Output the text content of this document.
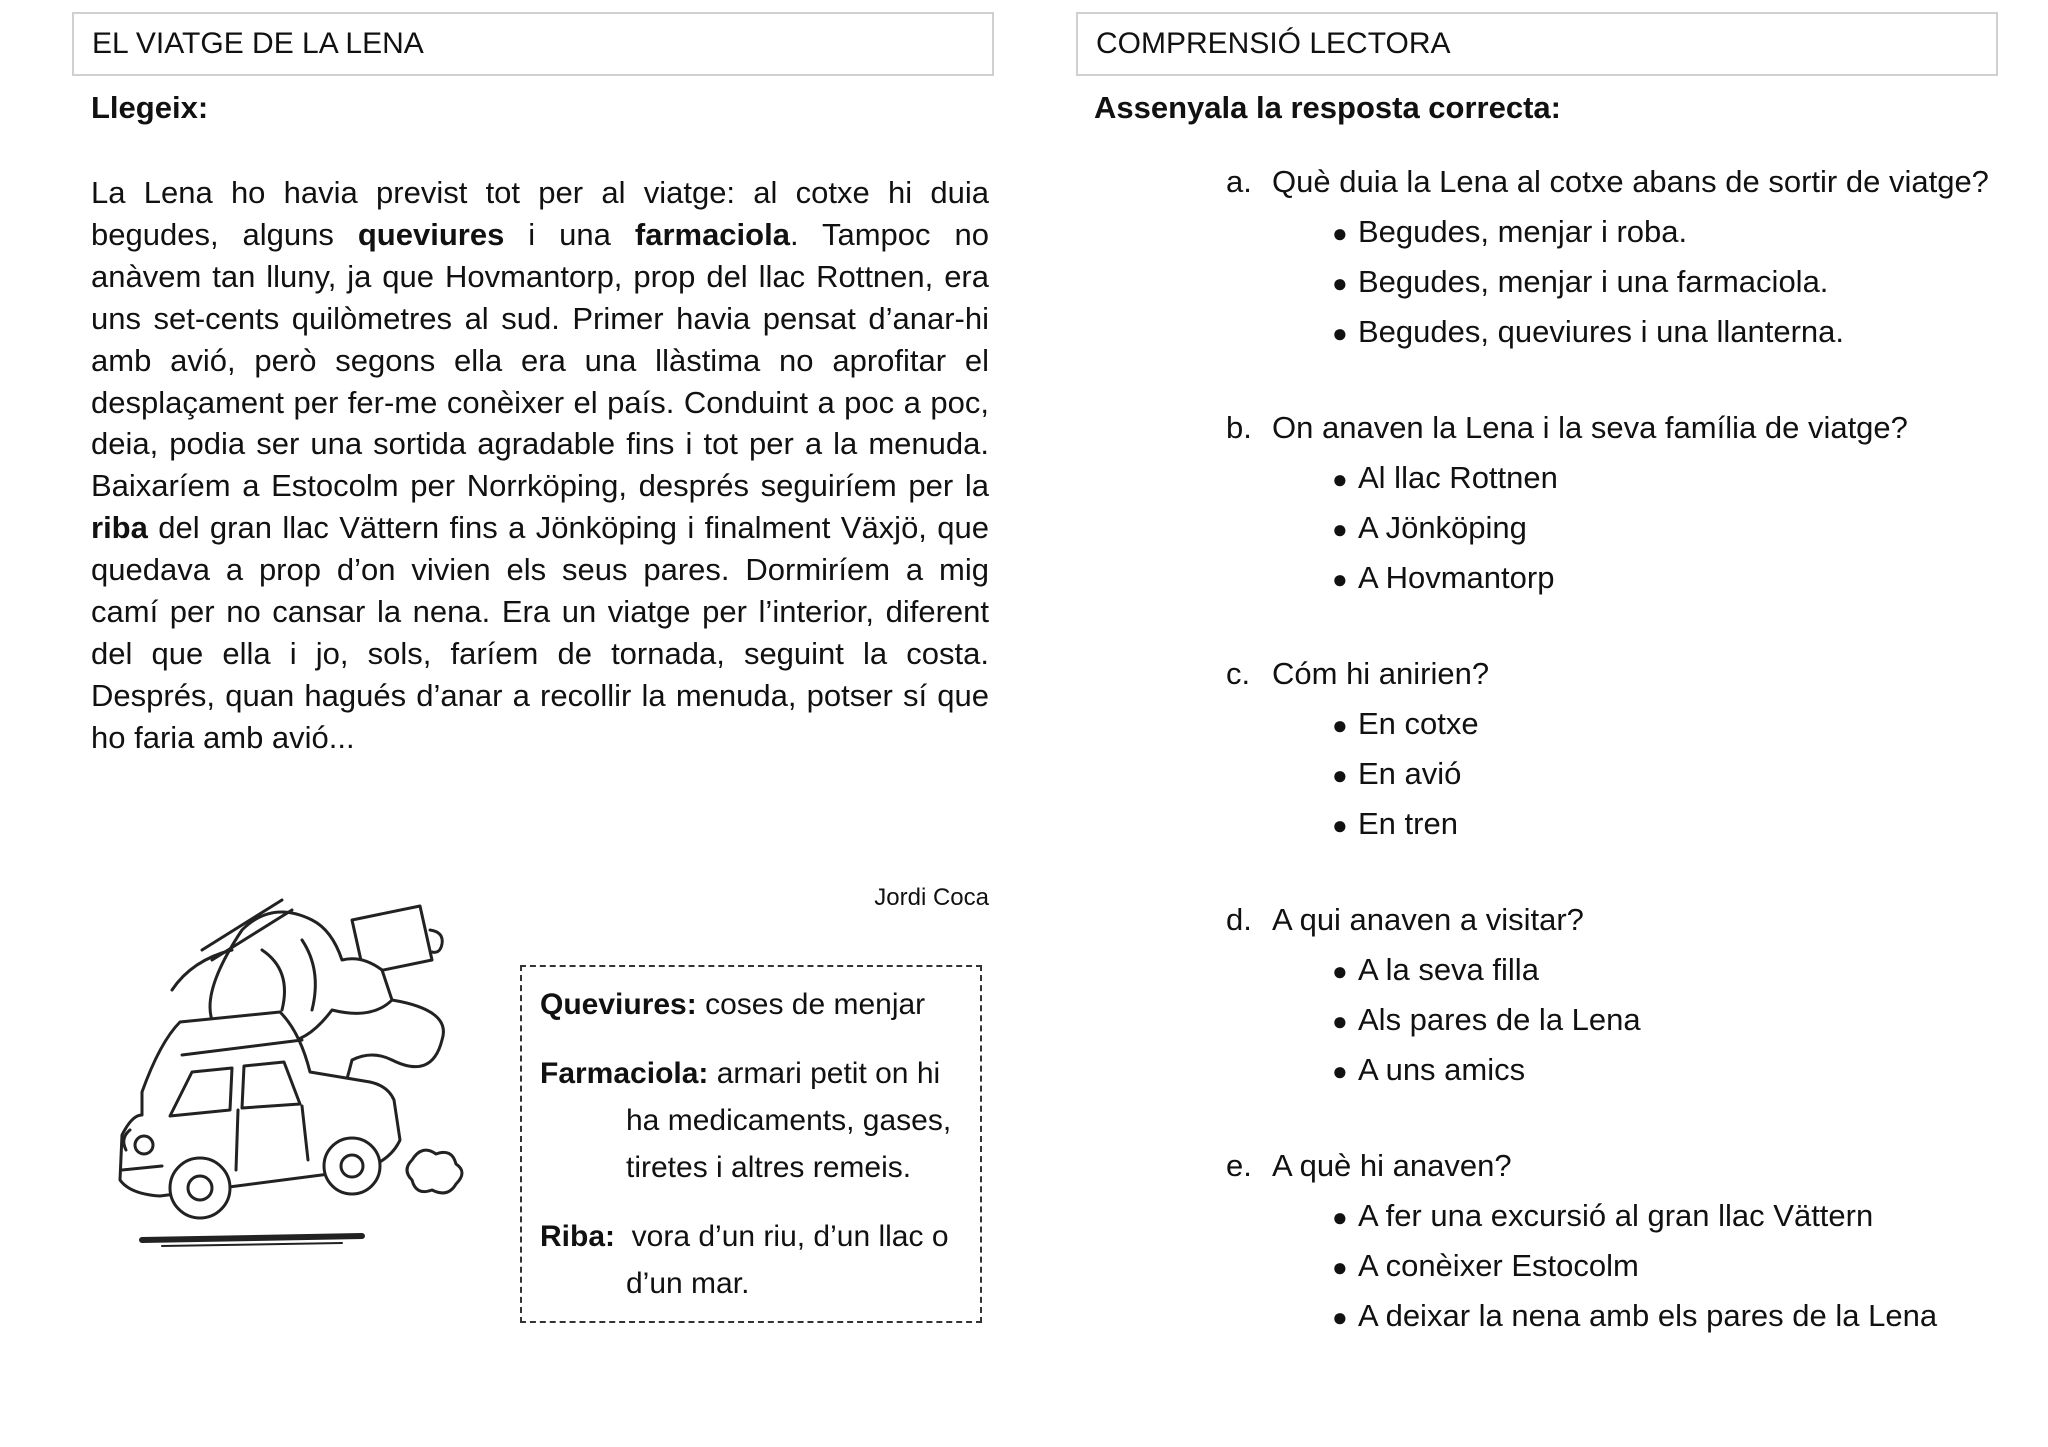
EL VIATGE DE LA LENA
Llegeix:

La Lena ho havia previst tot per al viatge: al cotxe hi duia begudes, alguns queviures i una farmaciola. Tampoc no anàvem tan lluny, ja que Hovmantorp, prop del llac Rottnen, era uns set-cents quilòmetres al sud. Primer havia pensat d’anar-hi amb avió, però segons ella era una llàstima no aprofitar el desplaçament per fer-me conèixer el país. Conduint a poc a poc, deia, podia ser una sortida agradable fins i tot per a la menuda. Baixaríem a Estocolm per Norrköping, després seguiríem per la riba del gran llac Vättern fins a Jönköping i finalment Växjö, que quedava a prop d’on vivien els seus pares. Dormiríem a mig camí per no cansar la nena. Era un viatge per l’interior, diferent del que ella i jo, sols, faríem de tornada, seguint la costa. Després, quan hagués d’anar a recollir la menuda, potser sí que ho faria amb avió...

Jordi Coca
Queviures: coses de menjar
Farmaciola: armari petit on hi
ha medicaments, gases,
tiretes i altres remeis.
Riba:  vora d’un riu, d’un llac o
d’un mar.
COMPRENSIÓ LECTORA
Assenyala la resposta correcta:
a. Què duia la Lena al cotxe abans de sortir de viatge?
● Begudes, menjar i roba.
● Begudes, menjar i una farmaciola.
● Begudes, queviures i una llanterna.
b. On anaven la Lena i la seva família de viatge?
● Al llac Rottnen
● A Jönköping
● A Hovmantorp
c. Cóm hi anirien?
● En cotxe
● En avió
● En tren
d. A qui anaven a visitar?
● A la seva filla
● Als pares de la Lena
● A uns amics
e. A què hi anaven?
● A fer una excursió al gran llac Vättern
● A conèixer Estocolm
● A deixar la nena amb els pares de la Lena
